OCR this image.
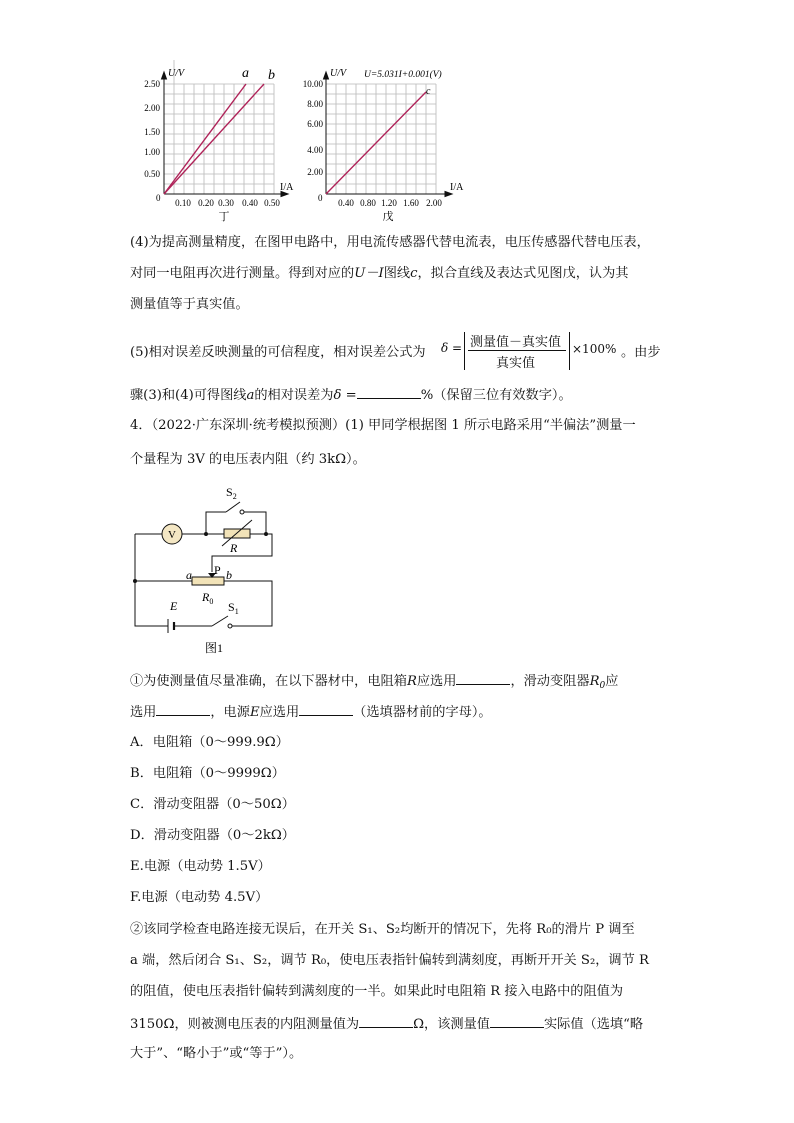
U/V
I/A
0
2.50
2.00
1.50
1.00
0.50
0.10 0.20 0.30 0.40 0.50
a b
丁
U/V U=5.031I+0.001(V)
I/A
0
10.00
8.00
6.00
4.00
2.00
0.40 0.80 1.20 1.60 2.00
c
戊
(4)为提高测量精度，在图甲电路中，用电流传感器代替电流表，电压传感器代替电压表，
对同一电阻再次进行测量。得到对应的U－I图线c，拟合直线及表达式见图戊，认为其
测量值等于真实值。
(5)相对误差反映测量的可信程度，相对误差公式为 δ = 测量值－真实值
真实值
×100% 。由步
骤(3)和(4)可得图线a的相对误差为δ =	%（保留三位有效数字）。
4．（2022·广东深圳·统考模拟预测）(1) 甲同学根据图 1 所示电路采用“半偏法”测量一
个量程为 3V 的电压表内阻（约 3kΩ）。
V
$S_2$
R
a P b
$R_0$
E	$S_1$
图1
①为使测量值尽量准确，在以下器材中，电阻箱R应选用	，滑动变阻器$R_0$应
选用	，电源E应选用	（选填器材前的字母）。
A．电阻箱（0～999.9Ω）
B．电阻箱（0～9999Ω）
C．滑动变阻器（0～50Ω）
D．滑动变阻器（0～2kΩ）
E.电源（电动势 1.5V）
F.电源（电动势 4.5V）
②该同学检查电路连接无误后，在开关 S₁、S₂均断开的情况下，先将 R₀的滑片 P 调至
a 端，然后闭合 S₁、S₂，调节 R₀，使电压表指针偏转到满刻度，再断开开关 S₂，调节 R
的阻值，使电压表指针偏转到满刻度的一半。如果此时电阻箱 R 接入电路中的阻值为
3150Ω，则被测电压表的内阻测量值为	Ω，该测量值	实际值（选填“略
大于”、“略小于”或“等于”）。
